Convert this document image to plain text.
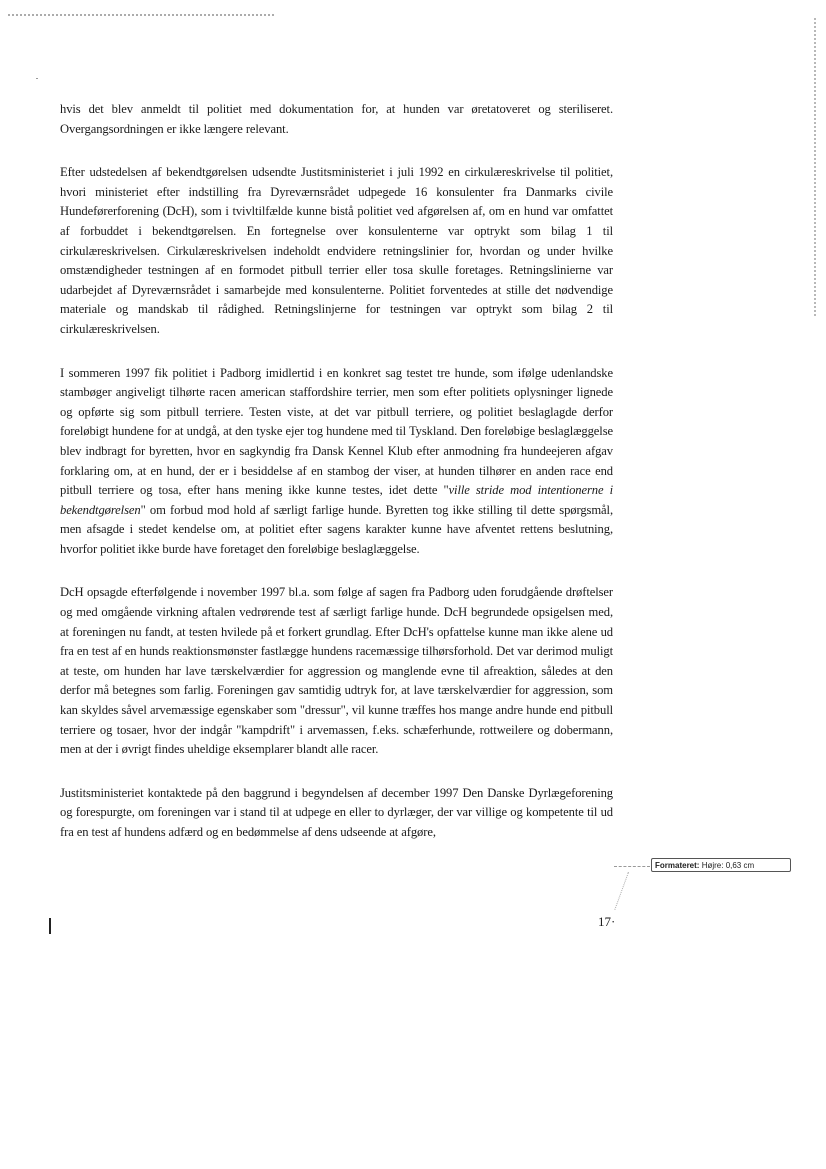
hvis det blev anmeldt til politiet med dokumentation for, at hunden var øretatoveret og steriliseret. Overgangsordningen er ikke længere relevant.

Efter udstedelsen af bekendtgørelsen udsendte Justitsministeriet i juli 1992 en cirkulæreskrivelse til politiet, hvori ministeriet efter indstilling fra Dyreværnsrådet udpegede 16 konsulenter fra Danmarks civile Hundeførerforening (DcH), som i tvivltilfælde kunne bistå politiet ved afgørelsen af, om en hund var omfattet af forbuddet i bekendtgørelsen. En fortegnelse over konsulenterne var optrykt som bilag 1 til cirkulæreskrivelsen. Cirkulæreskrivelsen indeholdt endvidere retningslinier for, hvordan og under hvilke omstændigheder testningen af en formodet pitbull terrier eller tosa skulle foretages. Retningslinierne var udarbejdet af Dyreværnsrådet i samarbejde med konsulenterne. Politiet forventedes at stille det nødvendige materiale og mandskab til rådighed. Retningslinjerne for testningen var optrykt som bilag 2 til cirkulæreskrivelsen.

I sommeren 1997 fik politiet i Padborg imidlertid i en konkret sag testet tre hunde, som ifølge udenlandske stambøger angiveligt tilhørte racen american staffordshire terrier, men som efter politiets oplysninger lignede og opførte sig som pitbull terriere. Testen viste, at det var pitbull terriere, og politiet beslaglagde derfor foreløbigt hundene for at undgå, at den tyske ejer tog hundene med til Tyskland. Den foreløbige beslaglæggelse blev indbragt for byretten, hvor en sagkyndig fra Dansk Kennel Klub efter anmodning fra hundeejeren afgav forklaring om, at en hund, der er i besiddelse af en stambog der viser, at hunden tilhører en anden race end pitbull terriere og tosa, efter hans mening ikke kunne testes, idet dette "ville stride mod intentionerne i bekendtgørelsen" om forbud mod hold af særligt farlige hunde. Byretten tog ikke stilling til dette spørgsmål, men afsagde i stedet kendelse om, at politiet efter sagens karakter kunne have afventet rettens beslutning, hvorfor politiet ikke burde have foretaget den foreløbige beslaglæggelse.

DcH opsagde efterfølgende i november 1997 bl.a. som følge af sagen fra Padborg uden forudgående drøftelser og med omgående virkning aftalen vedrørende test af særligt farlige hunde. DcH begrundede opsigelsen med, at foreningen nu fandt, at testen hvilede på et forkert grundlag. Efter DcH's opfattelse kunne man ikke alene ud fra en test af en hunds reaktionsmønster fastlægge hundens racemæssige tilhørsforhold. Det var derimod muligt at teste, om hunden har lave tærskelværdier for aggression og manglende evne til afreaktion, således at den derfor må betegnes som farlig. Foreningen gav samtidig udtryk for, at lave tærskelværdier for aggression, som kan skyldes såvel arvemæssige egenskaber som "dressur", vil kunne træffes hos mange andre hunde end pitbull terriere og tosaer, hvor der indgår "kampdrift" i arvemassen, f.eks. schæferhunde, rottweilere og dobermann, men at der i øvrigt findes uheldige eksemplarer blandt alle racer.

Justitsministeriet kontaktede på den baggrund i begyndelsen af december 1997 Den Danske Dyrlægeforening og forespurgte, om foreningen var i stand til at udpege en eller to dyrlæger, der var villige og kompetente til ud fra en test af hundens adfærd og en bedømmelse af dens udseende at afgøre,

Formateret: Højre: 0,63 cm
17·
